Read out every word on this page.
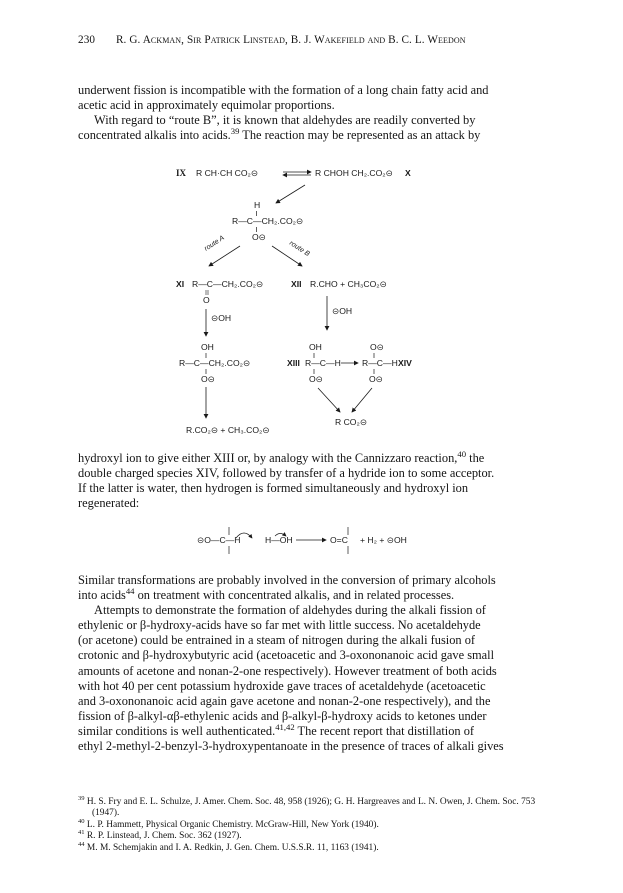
230 R. G. Ackman, Sir Patrick Linstead, B. J. Wakefield and B. C. L. Weedon

underwent fission is incompatible with the formation of a long chain fatty acid and

acetic acid in approximately equimolar proportions.

With regard to “route B”, it is known that aldehydes are readily converted by

concentrated alkalis into acids.$^{39}$ The reaction may be represented as an attack by

IX R CH·CH CO₂⊝	R CHOH CH₂.CO₂⊝ X
H
R—C—CH₂.CO₂⊝
O⊝
route A	route B
XI R—C—CH₂.CO₂⊝
O
XII R.CHO + CH₃CO₂⊝
⊝OH
⊝OH
OH
R—C—CH₂.CO₂⊝
O⊝
R.CO₂⊝ + CH₃.CO₂⊝
OH
XIII R—C—H
O⊝
O⊝
R—C—H XIV
O⊝
R CO₂⊝

hydroxyl ion to give either XIII or, by analogy with the Cannizzaro reaction,$^{40}$ the

double charged species XIV, followed by transfer of a hydride ion to some acceptor.

If the latter is water, then hydrogen is formed simultaneously and hydroxyl ion

regenerated:

⊝O—C—H	H—OH	O=C + H₂ + ⊝OH

Similar transformations are probably involved in the conversion of primary alcohols

into acids$^{44}$ on treatment with concentrated alkalis, and in related processes.

Attempts to demonstrate the formation of aldehydes during the alkali fission of

ethylenic or β-hydroxy-acids have so far met with little success. No acetaldehyde

(or acetone) could be entrained in a steam of nitrogen during the alkali fusion of

crotonic and β-hydroxybutyric acid (acetoacetic and 3-oxononanoic acid gave small

amounts of acetone and nonan-2-one respectively). However treatment of both acids

with hot 40 per cent potassium hydroxide gave traces of acetaldehyde (acetoacetic

and 3-oxononanoic acid again gave acetone and nonan-2-one respectively), and the

fission of β-alkyl-αβ-ethylenic acids and β-alkyl-β-hydroxy acids to ketones under

similar conditions is well authenticated.$^{41,42}$ The recent report that distillation of

ethyl 2-methyl-2-benzyl-3-hydroxypentanoate in the presence of traces of alkali gives

$^{39}$ H. S. Fry and E. L. Schulze, J. Amer. Chem. Soc. 48, 958 (1926); G. H. Hargreaves and L. N. Owen, J. Chem. Soc. 753 (1947).

$^{40}$ L. P. Hammett, Physical Organic Chemistry. McGraw-Hill, New York (1940).

$^{41}$ R. P. Linstead, J. Chem. Soc. 362 (1927).

$^{44}$ M. M. Schemjakin and I. A. Redkin, J. Gen. Chem. U.S.S.R. 11, 1163 (1941).
